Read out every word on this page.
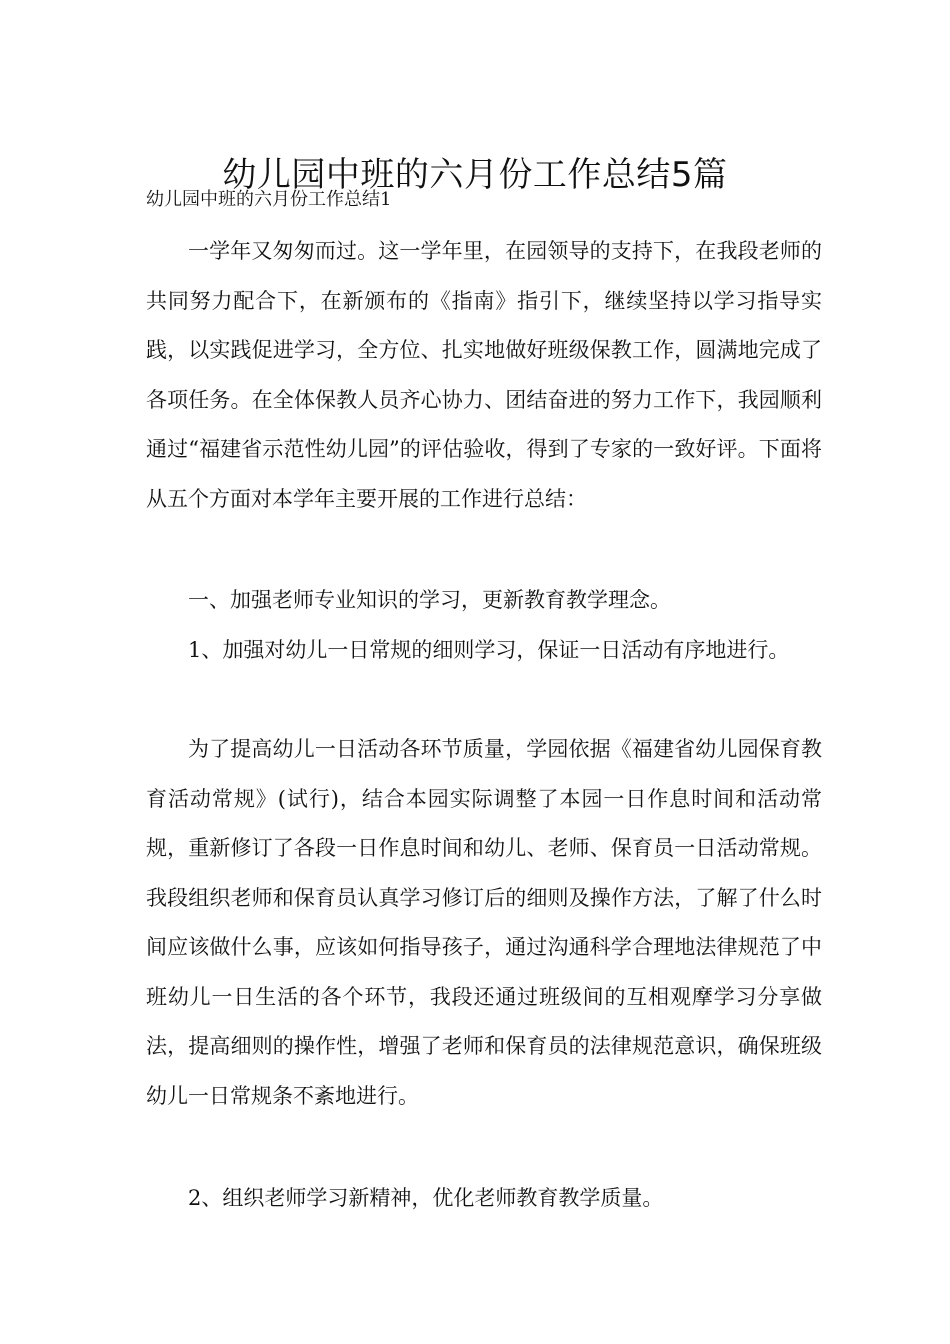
幼儿园中班的六月份工作总结5篇
幼儿园中班的六月份工作总结1

一学年又匆匆而过。这一学年里，在园领导的支持下，在我段老师的共同努力配合下，在新颁布的《指南》指引下，继续坚持以学习指导实践，以实践促进学习，全方位、扎实地做好班级保教工作，圆满地完成了各项任务。在全体保教人员齐心协力、团结奋进的努力工作下，我园顺利通过“福建省示范性幼儿园”的评估验收，得到了专家的一致好评。下面将从五个方面对本学年主要开展的工作进行总结：

一、加强老师专业知识的学习，更新教育教学理念。

1、加强对幼儿一日常规的细则学习，保证一日活动有序地进行。

为了提高幼儿一日活动各环节质量，学园依据《福建省幼儿园保育教育活动常规》(试行)，结合本园实际调整了本园一日作息时间和活动常规，重新修订了各段一日作息时间和幼儿、老师、保育员一日活动常规。我段组织老师和保育员认真学习修订后的细则及操作方法，了解了什么时间应该做什么事，应该如何指导孩子，通过沟通科学合理地法律规范了中班幼儿一日生活的各个环节，我段还通过班级间的互相观摩学习分享做法，提高细则的操作性，增强了老师和保育员的法律规范意识，确保班级幼儿一日常规条不紊地进行。

2、组织老师学习新精神，优化老师教育教学质量。
